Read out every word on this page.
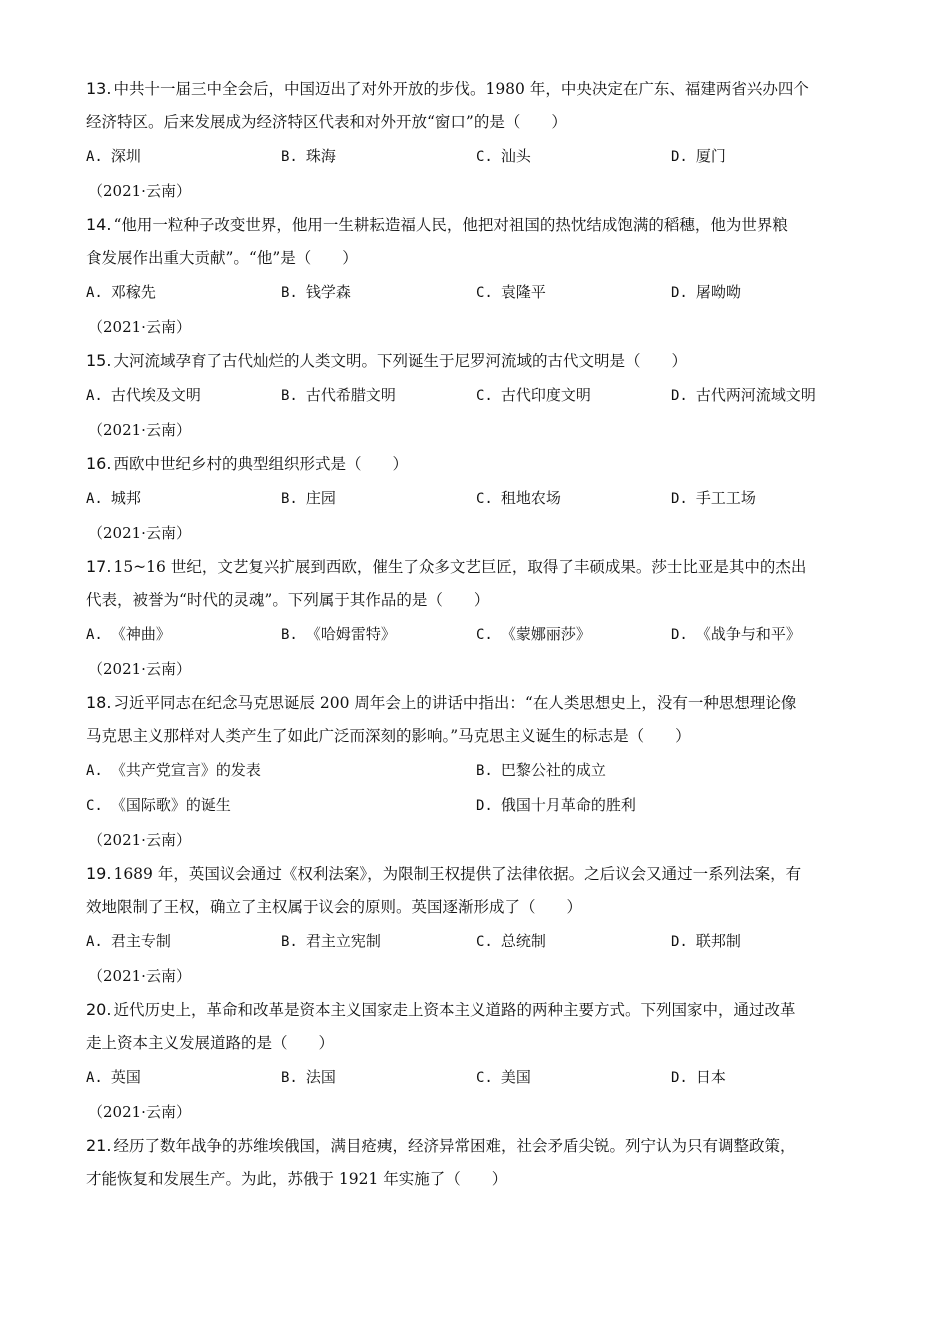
13. 中共十一届三中全会后，中国迈出了对外开放的步伐。1980 年，中央决定在广东、福建两省兴办四个

经济特区。后来发展成为经济特区代表和对外开放“窗口”的是（　　）

A. 深圳	B. 珠海	C. 汕头	D. 厦门

（2021·云南）

14. “他用一粒种子改变世界，他用一生耕耘造福人民，他把对祖国的热忱结成饱满的稻穗，他为世界粮

食发展作出重大贡献”。“他”是（　　）

A. 邓稼先	B. 钱学森	C. 袁隆平	D. 屠呦呦

（2021·云南）

15. 大河流域孕育了古代灿烂的人类文明。下列诞生于尼罗河流域的古代文明是（　　）

A. 古代埃及文明	B. 古代希腊文明	C. 古代印度文明	D. 古代两河流域文明

（2021·云南）

16. 西欧中世纪乡村的典型组织形式是（　　）

A. 城邦	B. 庄园	C. 租地农场	D. 手工工场

（2021·云南）

17. 15~16 世纪，文艺复兴扩展到西欧，催生了众多文艺巨匠，取得了丰硕成果。莎士比亚是其中的杰出

代表，被誉为“时代的灵魂”。下列属于其作品的是（　　）

A. 《神曲》	B. 《哈姆雷特》	C. 《蒙娜丽莎》	D. 《战争与和平》

（2021·云南）

18. 习近平同志在纪念马克思诞辰 200 周年会上的讲话中指出：“在人类思想史上，没有一种思想理论像

马克思主义那样对人类产生了如此广泛而深刻的影响。”马克思主义诞生的标志是（　　）

A. 《共产党宣言》的发表	B. 巴黎公社的成立
C. 《国际歌》的诞生	D. 俄国十月革命的胜利

（2021·云南）

19. 1689 年，英国议会通过《权利法案》，为限制王权提供了法律依据。之后议会又通过一系列法案，有

效地限制了王权，确立了主权属于议会的原则。英国逐渐形成了（　　）

A. 君主专制	B. 君主立宪制	C. 总统制	D. 联邦制

（2021·云南）

20. 近代历史上，革命和改革是资本主义国家走上资本主义道路的两种主要方式。下列国家中，通过改革

走上资本主义发展道路的是（　　）

A. 英国	B. 法国	C. 美国	D. 日本

（2021·云南）

21. 经历了数年战争的苏维埃俄国，满目疮痍，经济异常困难，社会矛盾尖锐。列宁认为只有调整政策，

才能恢复和发展生产。为此，苏俄于 1921 年实施了（　　）
